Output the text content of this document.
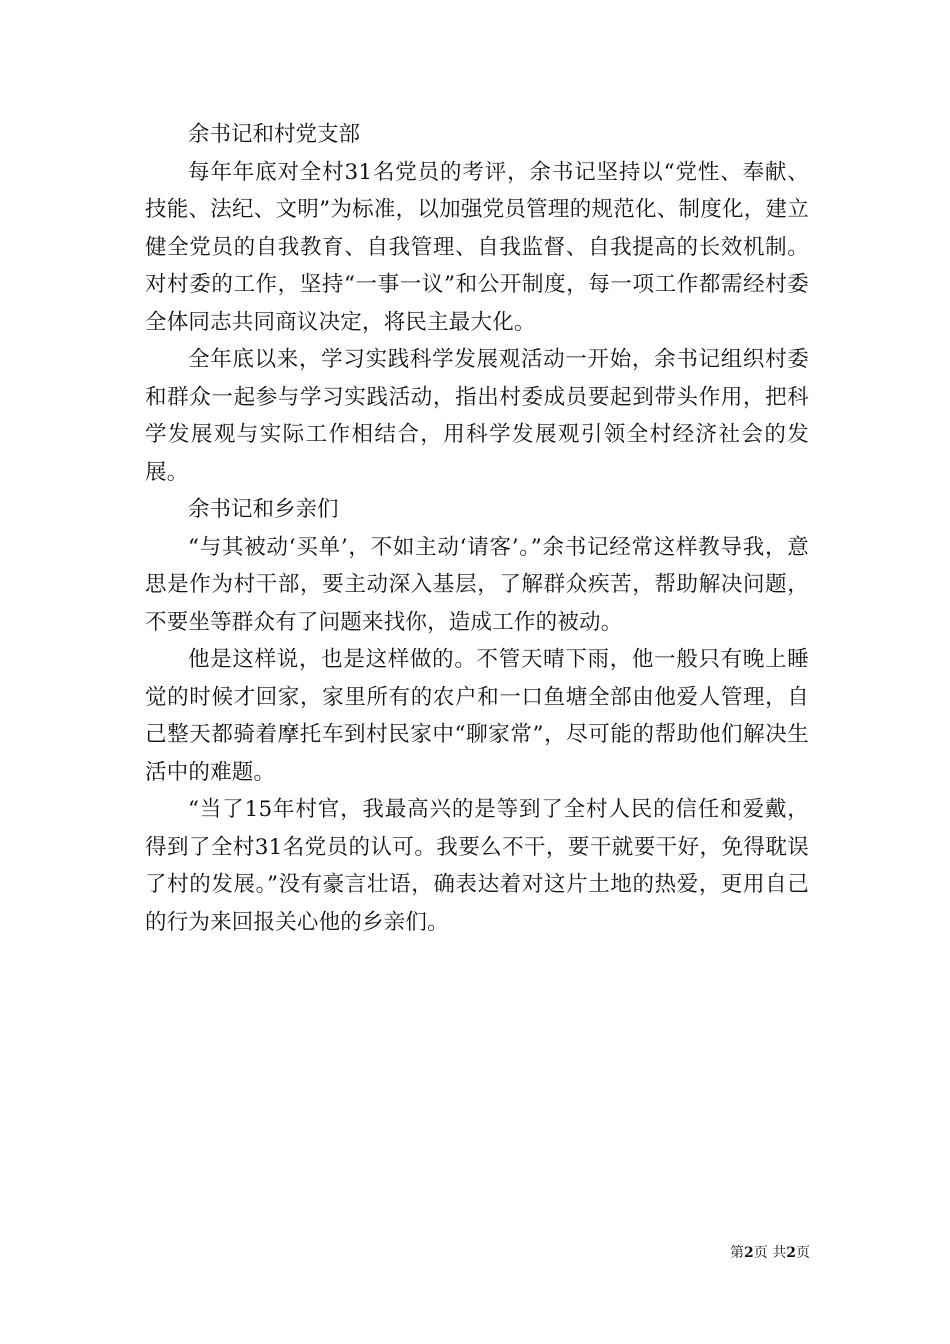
余书记和村党支部

每年年底对全村31名党员的考评，余书记坚持以“党性、奉献、技能、法纪、文明”为标准，以加强党员管理的规范化、制度化，建立健全党员的自我教育、自我管理、自我监督、自我提高的长效机制。对村委的工作，坚持“一事一议”和公开制度，每一项工作都需经村委全体同志共同商议决定，将民主最大化。

全年底以来，学习实践科学发展观活动一开始，余书记组织村委和群众一起参与学习实践活动，指出村委成员要起到带头作用，把科学发展观与实际工作相结合，用科学发展观引领全村经济社会的发展。

余书记和乡亲们

“与其被动‘买单’，不如主动‘请客’。”余书记经常这样教导我，意思是作为村干部，要主动深入基层，了解群众疾苦，帮助解决问题，不要坐等群众有了问题来找你，造成工作的被动。

他是这样说，也是这样做的。不管天晴下雨，他一般只有晚上睡觉的时候才回家，家里所有的农户和一口鱼塘全部由他爱人管理，自己整天都骑着摩托车到村民家中“聊家常”，尽可能的帮助他们解决生活中的难题。

“当了15年村官，我最高兴的是等到了全村人民的信任和爱戴，得到了全村31名党员的认可。我要么不干，要干就要干好，免得耽误了村的发展。”没有豪言壮语，确表达着对这片土地的热爱，更用自己的行为来回报关心他的乡亲们。

第2页 共2页
